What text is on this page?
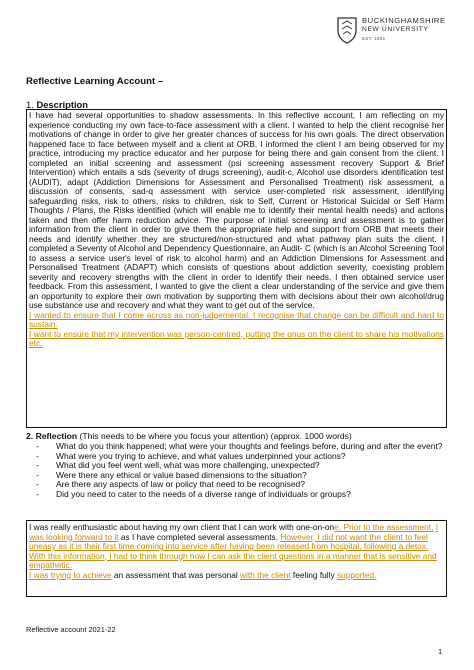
BUCKINGHAMSHIRE
NEW UNIVERSITY
EST. 1891
Reflective Learning Account –
1. Description

I have had several opportunities to shadow assessments. In this reflective account, I am reflecting on my experience conducting my own face-to-face assessment with a client. I wanted to help the client recognise her motivations of change in order to give her greater chances of success for his own goals. The direct observation happened face to face between myself and a client at ORB. I informed the client I am being observed for my practice, introducing my practice educator and her purpose for being there and gain consent from the client. I completed an initial screening and assessment (psi screening assessment recovery Support & Brief Intervention) which entails a sds (severity of drugs screening), audit-c, Alcohol use disorders identification test (AUDIT), adapt (Addiction Dimensions for Assessment and Personalised Treatment) risk assessment, a discussion of consents, sad-q assessment with service user-completed risk assessment, identifying safeguarding risks, risk to others, risks to children, risk to Self, Current or Historical Suicidal or Self Harm Thoughts / Plans, the Risks identified (which will enable me to identify their mental health needs) and actions taken and then offer harm reduction advice. The purpose of initial screening and assessment is to gather information from the client in order to give them the appropriate help and support from ORB that meets their needs and identify whether they are structured/non-structured and what pathway plan suits the client. I completed a Seventy of Alcohol and Dependency Questionnaire, an Audit- C (which is an Alcohol Screening Tool to assess a service user's level of risk to alcohol harm) and an Addiction Dimensions for Assessment and Personalised Treatment (ADAPT) which consists of questions about addiction severity, coexisting problem severity and recovery strengths with the client in order to identify their needs. I then obtained service user feedback. From this assessment, I wanted to give the client a clear understanding of the service and give them an opportunity to explore their own motivation by supporting them with decisions about their own alcohol/drug use substance use and recovery and what they want to get out of the service.

I wanted to ensure that I come across as non-judgemental. I recognise that change can be difficult and hard to sustain.

I want to ensure that my intervention was person-centred, putting the onus on the client to share his motivations etc.

2. Reflection (This needs to be where you focus your attention) (approx. 1000 words)
- What do you think happened; what were your thoughts and feelings before, during and after the event?
- What were you trying to achieve, and what values underpinned your actions?
- What did you feel went well, what was more challenging, unexpected?
- Were there any ethical or value based dimensions to the situation?
- Are there any aspects of law or policy that need to be recognised?
- Did you need to cater to the needs of a diverse range of individuals or groups?

I was really enthusiastic about having my own client that I can work with one-on-one. Prior to the assessment, I was looking forward to it as I have completed several assessments. However, I did not want the client to feel uneasy as it is their first time coming into service after having been released from hospital, following a detox.
With this information, I had to think through how I can ask the client questions in a manner that is sensitive and empathetic.
I was trying to achieve an assessment that was personal with the client feeling fully supported.

Reflective account 2021-22
1
